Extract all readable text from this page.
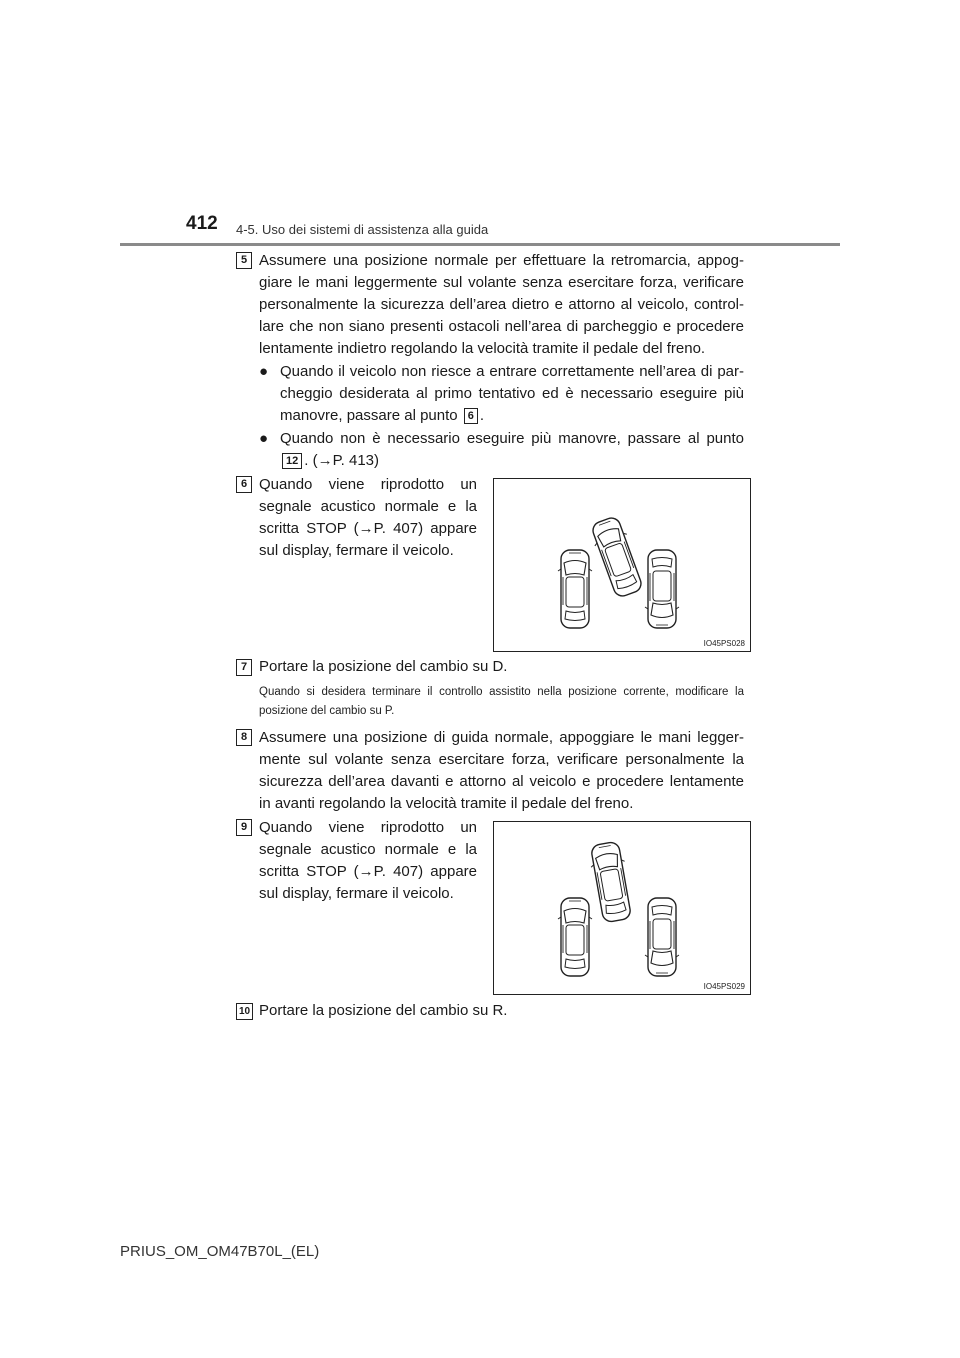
412 4-5. Uso dei sistemi di assistenza alla guida
5 Assumere una posizione normale per effettuare la retromarcia, appog-giare le mani leggermente sul volante senza esercitare forza, verificare personalmente la sicurezza dell’area dietro e attorno al veicolo, control-lare che non siano presenti ostacoli nell’area di parcheggio e procedere lentamente indietro regolando la velocità tramite il pedale del freno.
● Quando il veicolo non riesce a entrare correttamente nell’area di par-cheggio desiderata al primo tentativo ed è necessario eseguire più manovre, passare al punto 6 .
● Quando non è necessario eseguire più manovre, passare al punto 12 . (→P. 413)
6 Quando viene riprodotto un segnale acustico normale e la scritta STOP (→P. 407) appare sul display, fermare il veicolo.
IO45PS028
7 Portare la posizione del cambio su D.
Quando si desidera terminare il controllo assistito nella posizione corrente, modificare la posizione del cambio su P.
8 Assumere una posizione di guida normale, appoggiare le mani legger-mente sul volante senza esercitare forza, verificare personalmente la sicurezza dell’area davanti e attorno al veicolo e procedere lentamente in avanti regolando la velocità tramite il pedale del freno.
9 Quando viene riprodotto un segnale acustico normale e la scritta STOP (→P. 407) appare sul display, fermare il veicolo.
IO45PS029
10 Portare la posizione del cambio su R.
PRIUS_OM_OM47B70L_(EL)
